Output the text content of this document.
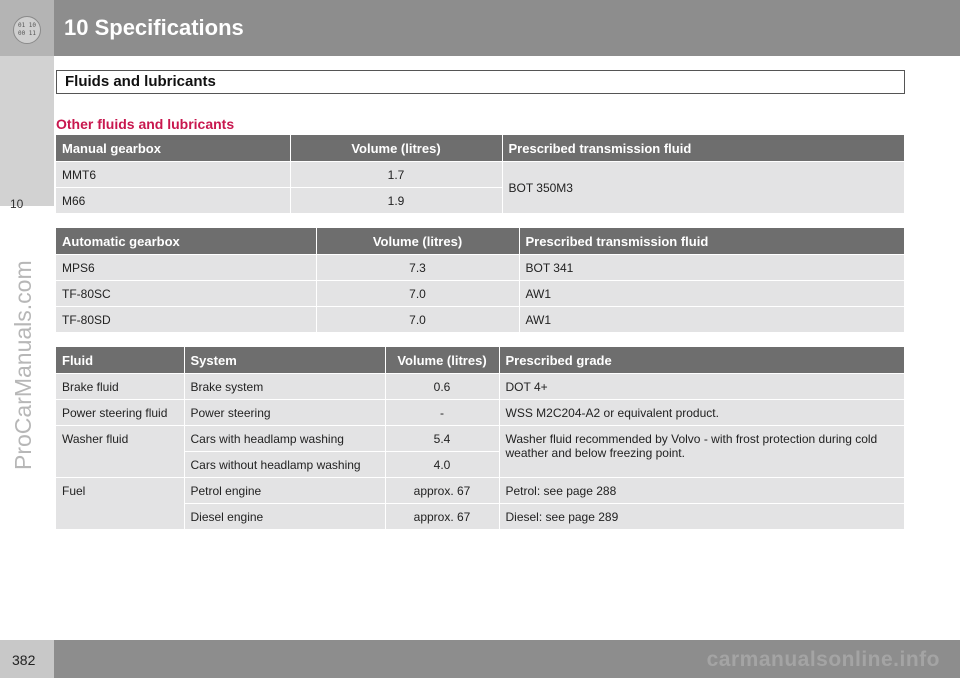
01 10
00 11 10 Specifications
10
ProCarManuals.com
Fluids and lubricants
Other fluids and lubricants
Manual gearbox	Volume (litres)	Prescribed transmission fluid
MMT6	1.7	BOT 350M3
M66	1.9	
Automatic gearbox	Volume (litres)	Prescribed transmission fluid
MPS6	7.3	BOT 341
TF-80SC	7.0	AW1
TF-80SD	7.0	AW1
Fluid	System	Volume (litres)	Prescribed grade
Brake fluid	Brake system	0.6	DOT 4+
Power steering fluid	Power steering	-	WSS M2C204-A2 or equivalent product.
Washer fluid	Cars with headlamp washing	5.4	Washer fluid recommended by Volvo - with frost protection during cold weather and below freezing point.
	Cars without headlamp washing	4.0	
Fuel	Petrol engine	approx. 67	Petrol: see page 288
	Diesel engine	approx. 67	Diesel: see page 289
382	carmanualsonline.info
